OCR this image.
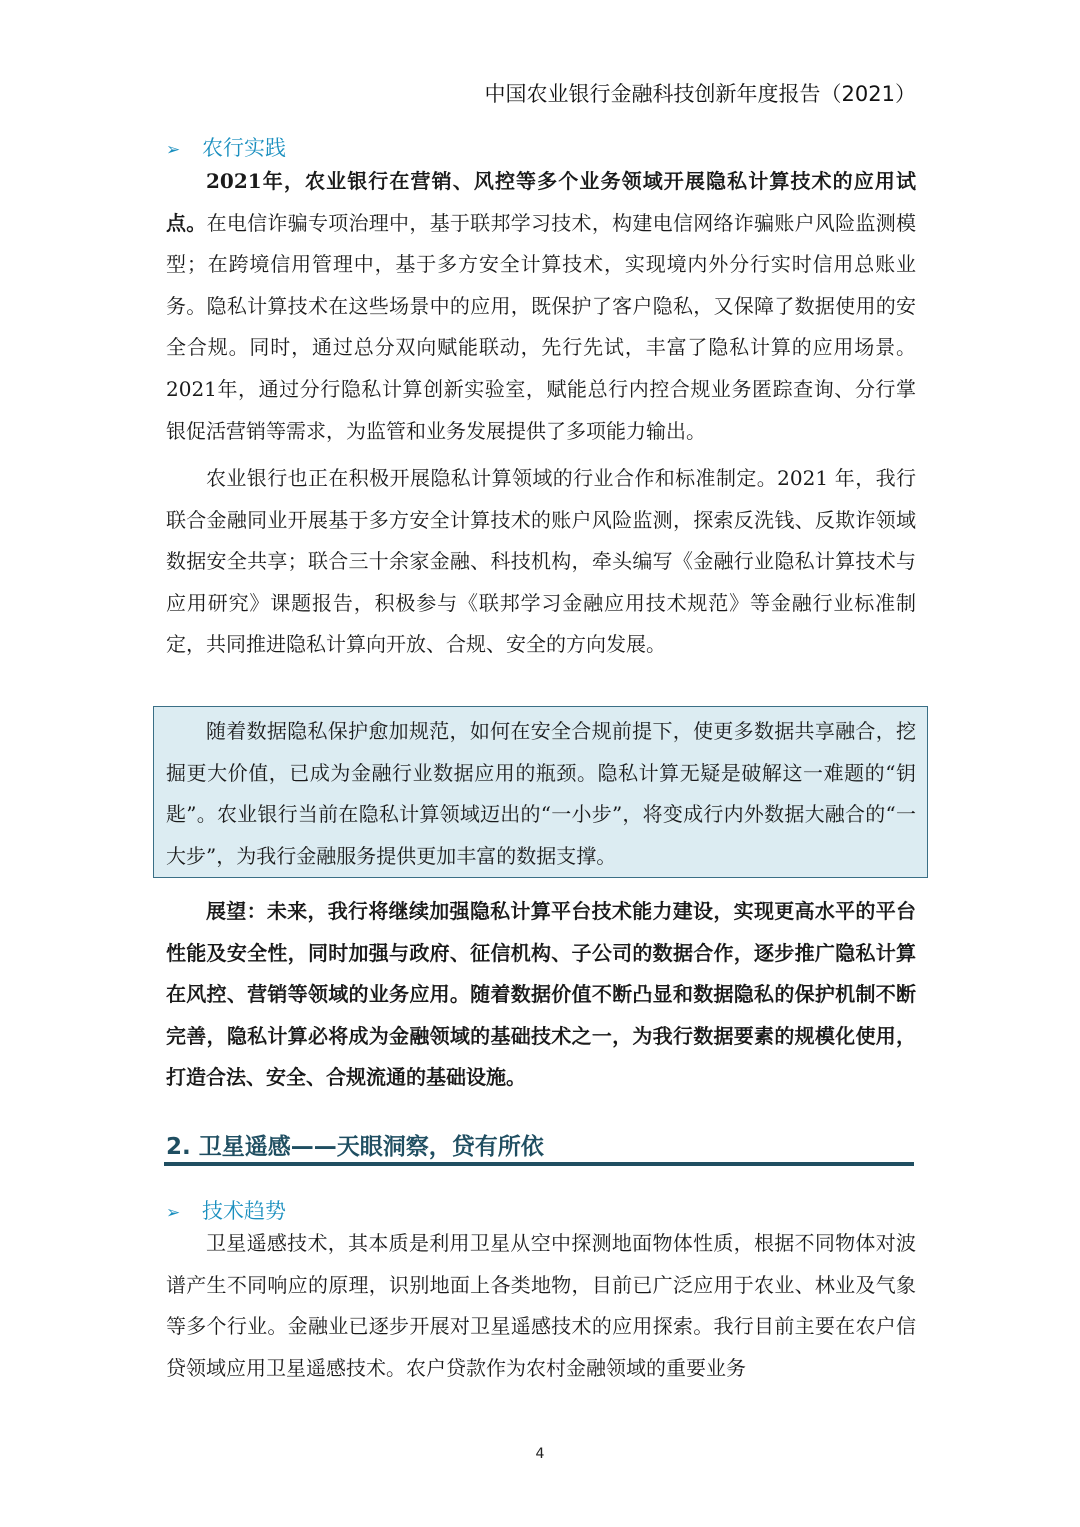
中国农业银行金融科技创新年度报告（2021）
➢ 农行实践

2021年，农业银行在营销、风控等多个业务领域开展隐私计算技术的应用试点。在电信诈骗专项治理中，基于联邦学习技术，构建电信网络诈骗账户风险监测模型；在跨境信用管理中，基于多方安全计算技术，实现境内外分行实时信用总账业务。隐私计算技术在这些场景中的应用，既保护了客户隐私，又保障了数据使用的安全合规。同时，通过总分双向赋能联动，先行先试，丰富了隐私计算的应用场景。2021年，通过分行隐私计算创新实验室，赋能总行内控合规业务匿踪查询、分行掌银促活营销等需求，为监管和业务发展提供了多项能力输出。

农业银行也正在积极开展隐私计算领域的行业合作和标准制定。2021 年，我行联合金融同业开展基于多方安全计算技术的账户风险监测，探索反洗钱、反欺诈领域数据安全共享；联合三十余家金融、科技机构，牵头编写《金融行业隐私计算技术与应用研究》课题报告，积极参与《联邦学习金融应用技术规范》等金融行业标准制定，共同推进隐私计算向开放、合规、安全的方向发展。

随着数据隐私保护愈加规范，如何在安全合规前提下，使更多数据共享融合，挖掘更大价值，已成为金融行业数据应用的瓶颈。隐私计算无疑是破解这一难题的“钥匙”。农业银行当前在隐私计算领域迈出的“一小步”，将变成行内外数据大融合的“一大步”，为我行金融服务提供更加丰富的数据支撑。

展望：未来，我行将继续加强隐私计算平台技术能力建设，实现更高水平的平台性能及安全性，同时加强与政府、征信机构、子公司的数据合作，逐步推广隐私计算在风控、营销等领域的业务应用。随着数据价值不断凸显和数据隐私的保护机制不断完善，隐私计算必将成为金融领域的基础技术之一，为我行数据要素的规模化使用，打造合法、安全、合规流通的基础设施。

2. 卫星遥感——天眼洞察，贷有所依
➢ 技术趋势

卫星遥感技术，其本质是利用卫星从空中探测地面物体性质，根据不同物体对波谱产生不同响应的原理，识别地面上各类地物，目前已广泛应用于农业、林业及气象等多个行业。金融业已逐步开展对卫星遥感技术的应用探索。我行目前主要在农户信贷领域应用卫星遥感技术。农户贷款作为农村金融领域的重要业务

4
